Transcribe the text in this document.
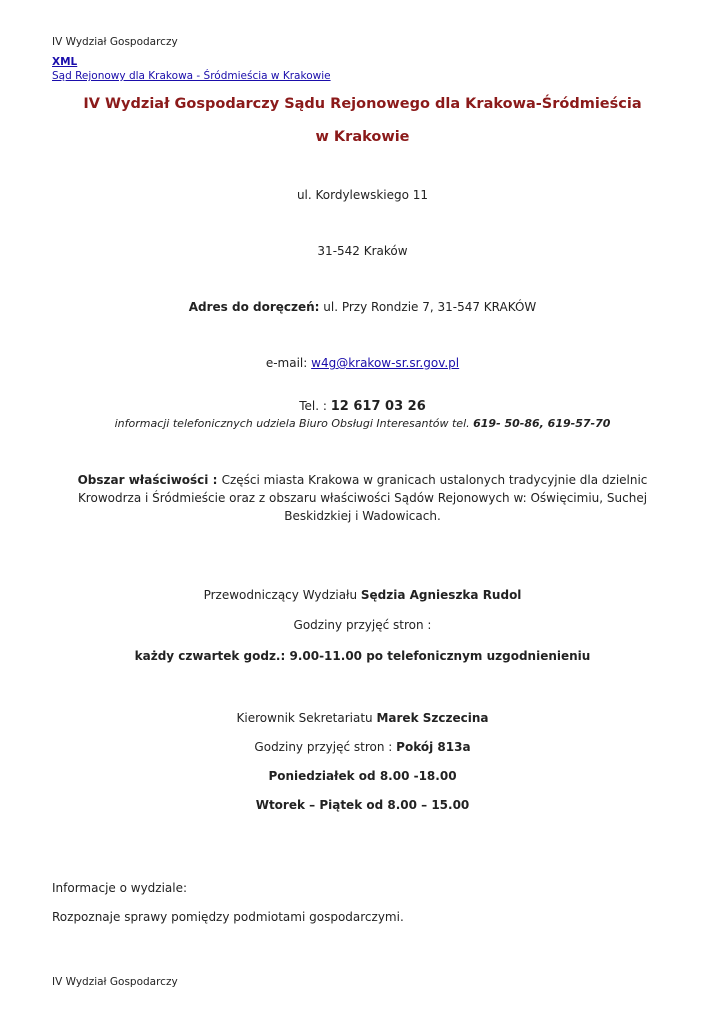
IV Wydział Gospodarczy
XML
Sąd Rejonowy dla Krakowa - Śródmieścia w Krakowie
IV Wydział Gospodarczy Sądu Rejonowego dla Krakowa-Śródmieścia
w Krakowie
ul. Kordylewskiego 11
31-542 Kraków
Adres do doręczeń: ul. Przy Rondzie 7, 31-547 KRAKÓW
e-mail: w4g@krakow-sr.sr.gov.pl
Tel. : 12 617 03 26
informacji telefonicznych udziela Biuro Obsługi Interesantów tel. 619- 50-86, 619-57-70
Obszar właściwości : Części miasta Krakowa w granicach ustalonych tradycyjnie dla dzielnic Krowodrza i Śródmieście oraz z obszaru właściwości Sądów Rejonowych w: Oświęcimiu, Suchej Beskidzkiej i Wadowicach.
Przewodniczący Wydziału Sędzia Agnieszka Rudol
Godziny przyjęć stron :
każdy czwartek godz.: 9.00-11.00 po telefonicznym uzgodnienieniu
Kierownik Sekretariatu Marek Szczecina
Godziny przyjęć stron : Pokój 813a
Poniedziałek od 8.00 -18.00
Wtorek – Piątek od 8.00 – 15.00
Informacje o wydziale:
Rozpoznaje sprawy pomiędzy podmiotami gospodarczymi.
IV Wydział Gospodarczy
